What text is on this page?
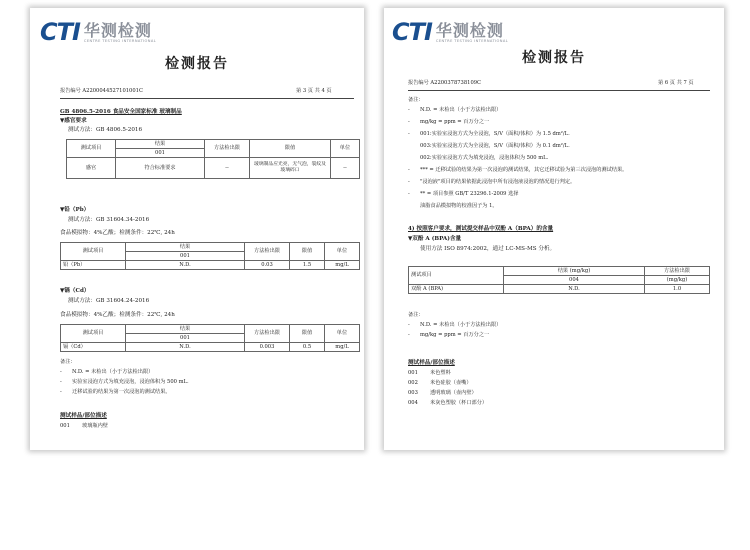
CTI 华测检测
CENTRE TESTING INTERNATIONAL
检测报告
报告编号 A2200044527101001C	第 3 页 共 4 页
GB 4806.5-2016 食品安全国家标准 玻璃制品
▼感官要求
测试方法：GB 4806.5-2016
测试项目	结果	方法检出限	限值	单位
	001			
感官	符合标准要求	--	玻璃制品应光亮，无气泡，裂纹及玻璃碎口	--
▼铅（Pb）
测试方法：GB 31604.34-2016
食品模拟物：4%乙酸；检测条件：22℃, 24h
测试项目	结果	方法检出限	限值	单位
	001			
铅（Pb）	N.D.	0.03	1.5	mg/L
▼镉（Cd）
测试方法：GB 31604.24-2016
食品模拟物：4%乙酸；检测条件：22℃, 24h
测试项目	结果	方法检出限	限值	单位
	001			
镉（Cd）	N.D.	0.003	0.5	mg/L
备注：
- N.D. = 未检出（小于方法检出限）
- 实验室浸泡方式为填充浸泡，浸泡体积为 500 mL.
- 迁移试验的结果为第一次浸泡的测试结果。
测试样品/部位描述
001 玻璃瓶内壁
CTI 华测检测
CENTRE TESTING INTERNATIONAL
检测报告
报告编号 A2200378738109C	第 6 页 共 7 页
备注：
- N.D. = 未检出（小于方法检出限）
- mg/kg = ppm = 百万分之一
- 001:实验室浸泡方式为全浸泡，S/V（面积/体积）为 1.5 dm²/L.
003:实验室浸泡方式为全浸泡，S/V（面积/体积）为 0.1 dm²/L.
002:实验室浸泡方式为填充浸泡，浸泡体积为 500 mL.
- *** = 迁移试验的结果为第一次浸泡的测试结果，其它迁移试验为第三次浸泡的测试结果。
- "浸泡液"项目的结果依据此浸泡中所有浸泡液浸泡的情况进行判定。
- ** = 项目参照 GB/T 23296.1-2009 选择
油脂食品模拟物的校准因子为 1。
4) 按照客户要求，测试提交样品中双酚 A（BPA）的含量
▼双酚 A (BPA)含量
使用方法 ISO 8974:2002，通过 LC-MS-MS 分析。
测试项目	结果 (mg/kg)	方法检出限
	004	(mg/kg)
双酚 A (BPA)	N.D.	1.0
备注：
- N.D. = 未检出（小于方法检出限）
- mg/kg = ppm = 百万分之一
测试样品/部位描述
001 米色塑料
002 米色硅胶（壶嘴）
003 透明玻璃（壶内壁）
004 米灰色塑胶（杯口部分）
